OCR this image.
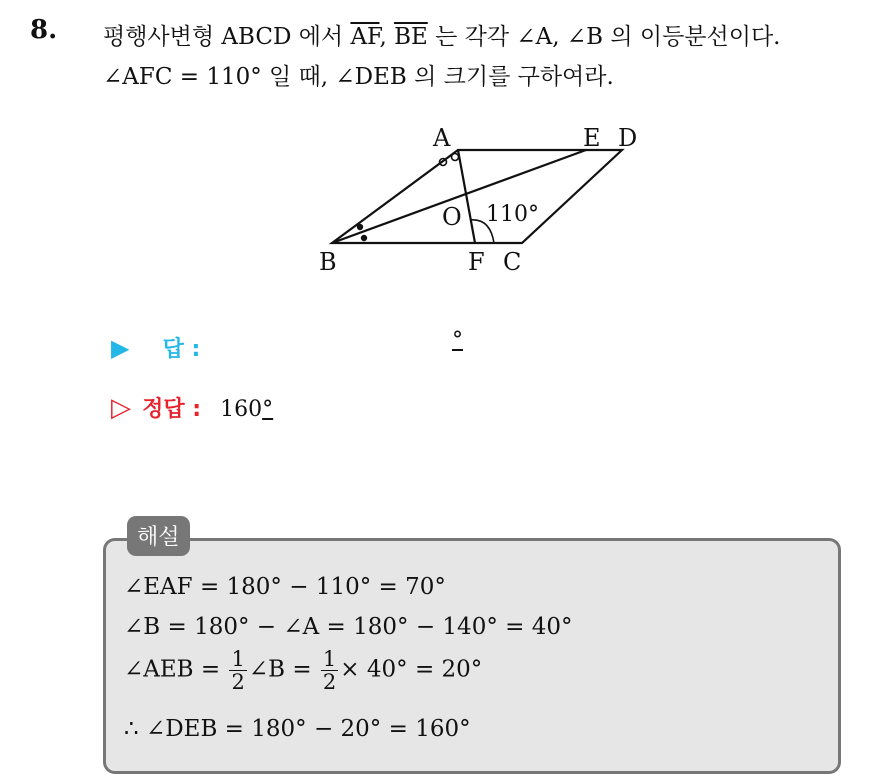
8. 평행사변형 ABCD 에서 $\overline{AF}$, $\overline{BE}$ 는 각각 ∠A, ∠B 의 이등분선이다.
∠AFC = 110° 일 때, ∠DEB 의 크기를 구하여라.
A	E D
B	F C
O 110°
▶ 답 :	°
▷ 정답 : 160°
해설
∠EAF = 180° − 110° = 70°
∠B = 180° − ∠A = 180° − 140° = 40°
∠AEB = $\frac{1}{2}$ ∠B = $\frac{1}{2} \times 40^\circ = 20^\circ$
∴ ∠DEB = 180° − 20° = 160°
